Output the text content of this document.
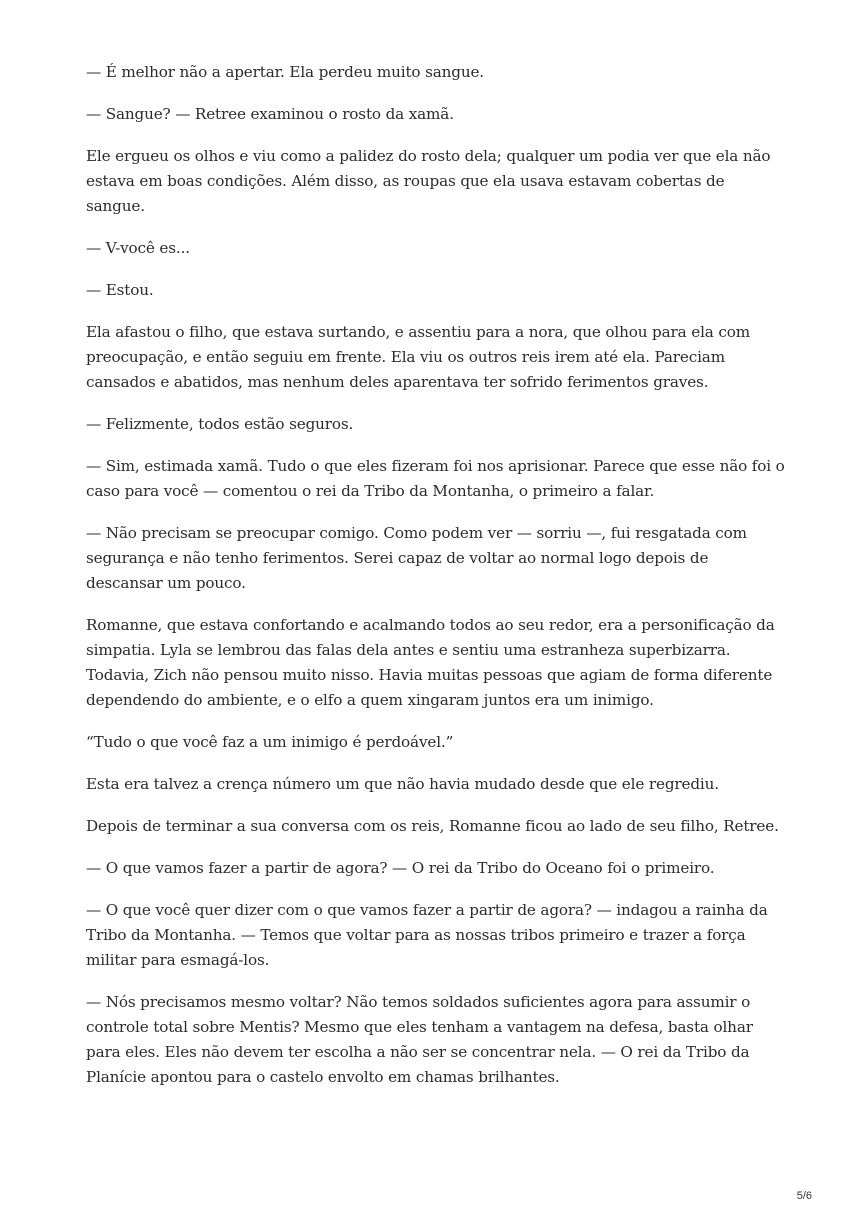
— É melhor não a apertar. Ela perdeu muito sangue.

— Sangue? — Retree examinou o rosto da xamã.

Ele ergueu os olhos e viu como a palidez do rosto dela; qualquer um podia ver que ela não estava em boas condições. Além disso, as roupas que ela usava estavam cobertas de sangue.

— V-você es...

— Estou.

Ela afastou o filho, que estava surtando, e assentiu para a nora, que olhou para ela com preocupação, e então seguiu em frente. Ela viu os outros reis irem até ela. Pareciam cansados e abatidos, mas nenhum deles aparentava ter sofrido ferimentos graves.

— Felizmente, todos estão seguros.

— Sim, estimada xamã. Tudo o que eles fizeram foi nos aprisionar. Parece que esse não foi o caso para você — comentou o rei da Tribo da Montanha, o primeiro a falar.

— Não precisam se preocupar comigo. Como podem ver — sorriu —, fui resgatada com segurança e não tenho ferimentos. Serei capaz de voltar ao normal logo depois de descansar um pouco.

Romanne, que estava confortando e acalmando todos ao seu redor, era a personificação da simpatia. Lyla se lembrou das falas dela antes e sentiu uma estranheza superbizarra. Todavia, Zich não pensou muito nisso. Havia muitas pessoas que agiam de forma diferente dependendo do ambiente, e o elfo a quem xingaram juntos era um inimigo.

“Tudo o que você faz a um inimigo é perdoável.”

Esta era talvez a crença número um que não havia mudado desde que ele regrediu.

Depois de terminar a sua conversa com os reis, Romanne ficou ao lado de seu filho, Retree.

— O que vamos fazer a partir de agora? — O rei da Tribo do Oceano foi o primeiro.

— O que você quer dizer com o que vamos fazer a partir de agora? — indagou a rainha da Tribo da Montanha. — Temos que voltar para as nossas tribos primeiro e trazer a força militar para esmagá-los.

— Nós precisamos mesmo voltar? Não temos soldados suficientes agora para assumir o controle total sobre Mentis? Mesmo que eles tenham a vantagem na defesa, basta olhar para eles. Eles não devem ter escolha a não ser se concentrar nela. — O rei da Tribo da Planície apontou para o castelo envolto em chamas brilhantes.

5/6
